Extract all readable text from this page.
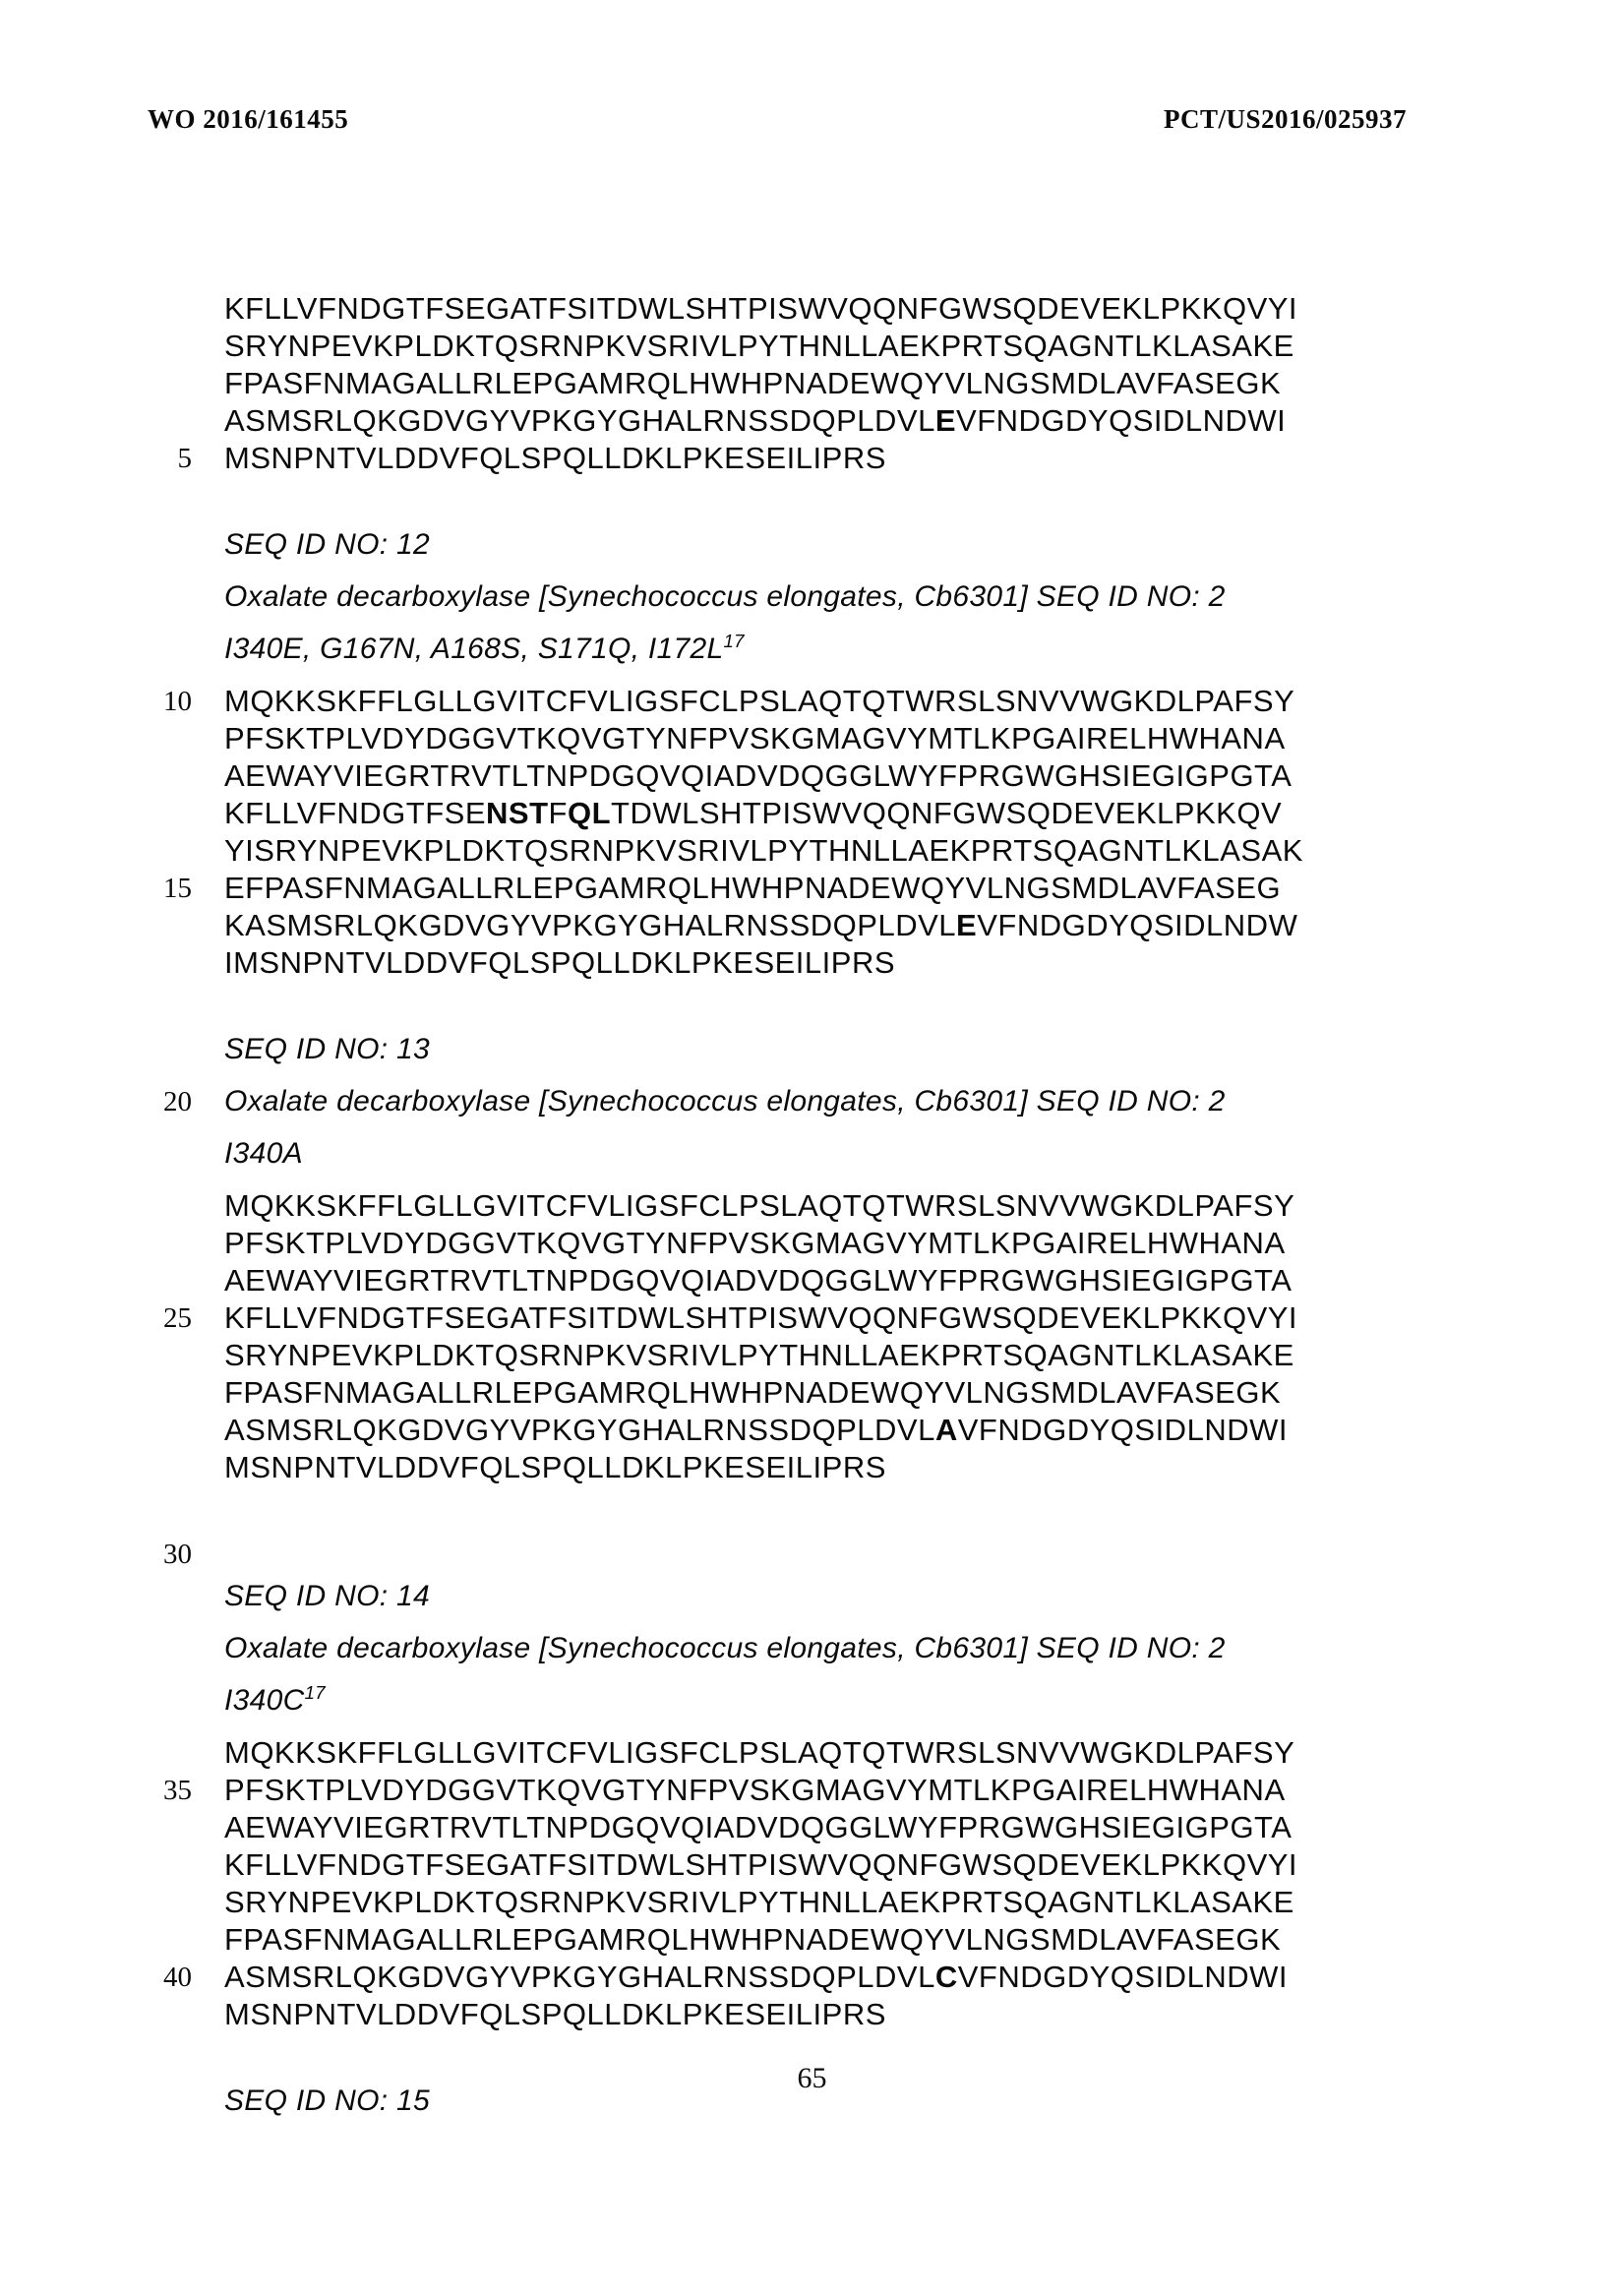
WO 2016/161455	PCT/US2016/025937
KFLLVFNDGTFSEGATFSITDWLSHTPISWVQQNFGWSQDEVEKLPKKQVYI
SRYNPEVKPLDKTQSRNPKVSRIVLPYTHNLLAEKPRTSQAGNTLKLASAKE
FPASFNMAGALLRLEPGAMRQLHWHPNADEWQYVLNGSMDLAVFASEGK
ASMSRLQKGDVGYVPKGYGHALRNSSDQPLDVLEVFNDGDYQSIDLNDWI
5 MSNPNTVLDDVFQLSPQLLDKLPKESEILIPRS
SEQ ID NO: 12
Oxalate decarboxylase [Synechococcus elongates, Cb6301] SEQ ID NO: 2
I340E, G167N, A168S, S171Q, $I172L^{17}$
10 MQKKSKFFLGLLGVITCFVLIGSFCLPSLAQTQTWRSLSNVVWGKDLPAFSY
PFSKTPLVDYDGGVTKQVGTYNFPVSKGMAGVYMTLKPGAIRELHWHANA
AEWAYVIEGRTRVTLTNPDGQVQIADVDQGGLWYFPRGWGHSIEGIGPGTA
KFLLVFNDGTFSENSTFQLTDWLSHTPISWVQQNFGWSQDEVEKLPKKQV
YISRYNPEVKPLDKTQSRNPKVSRIVLPYTHNLLAEKPRTSQAGNTLKLASAK
15 EFPASFNMAGALLRLEPGAMRQLHWHPNADEWQYVLNGSMDLAVFASEG
KASMSRLQKGDVGYVPKGYGHALRNSSDQPLDVLEVFNDGDYQSIDLNDW
IMSNPNTVLDDVFQLSPQLLDKLPKESEILIPRS
SEQ ID NO: 13
20 Oxalate decarboxylase [Synechococcus elongates, Cb6301] SEQ ID NO: 2
I340A
MQKKSKFFLGLLGVITCFVLIGSFCLPSLAQTQTWRSLSNVVWGKDLPAFSY
PFSKTPLVDYDGGVTKQVGTYNFPVSKGMAGVYMTLKPGAIRELHWHANA
AEWAYVIEGRTRVTLTNPDGQVQIADVDQGGLWYFPRGWGHSIEGIGPGTA
25 KFLLVFNDGTFSEGATFSITDWLSHTPISWVQQNFGWSQDEVEKLPKKQVYI
SRYNPEVKPLDKTQSRNPKVSRIVLPYTHNLLAEKPRTSQAGNTLKLASAKE
FPASFNMAGALLRLEPGAMRQLHWHPNADEWQYVLNGSMDLAVFASEGK
ASMSRLQKGDVGYVPKGYGHALRNSSDQPLDVLAVFNDGDYQSIDLNDWI
MSNPNTVLDDVFQLSPQLLDKLPKESEILIPRS
30
SEQ ID NO: 14
Oxalate decarboxylase [Synechococcus elongates, Cb6301] SEQ ID NO: 2
$I340C^{17}$
MQKKSKFFLGLLGVITCFVLIGSFCLPSLAQTQTWRSLSNVVWGKDLPAFSY
35 PFSKTPLVDYDGGVTKQVGTYNFPVSKGMAGVYMTLKPGAIRELHWHANA
AEWAYVIEGRTRVTLTNPDGQVQIADVDQGGLWYFPRGWGHSIEGIGPGTA
KFLLVFNDGTFSEGATFSITDWLSHTPISWVQQNFGWSQDEVEKLPKKQVYI
SRYNPEVKPLDKTQSRNPKVSRIVLPYTHNLLAEKPRTSQAGNTLKLASAKE
FPASFNMAGALLRLEPGAMRQLHWHPNADEWQYVLNGSMDLAVFASEGK
40 ASMSRLQKGDVGYVPKGYGHALRNSSDQPLDVLCVFNDGDYQSIDLNDWI
MSNPNTVLDDVFQLSPQLLDKLPKESEILIPRS
SEQ ID NO: 15
65
